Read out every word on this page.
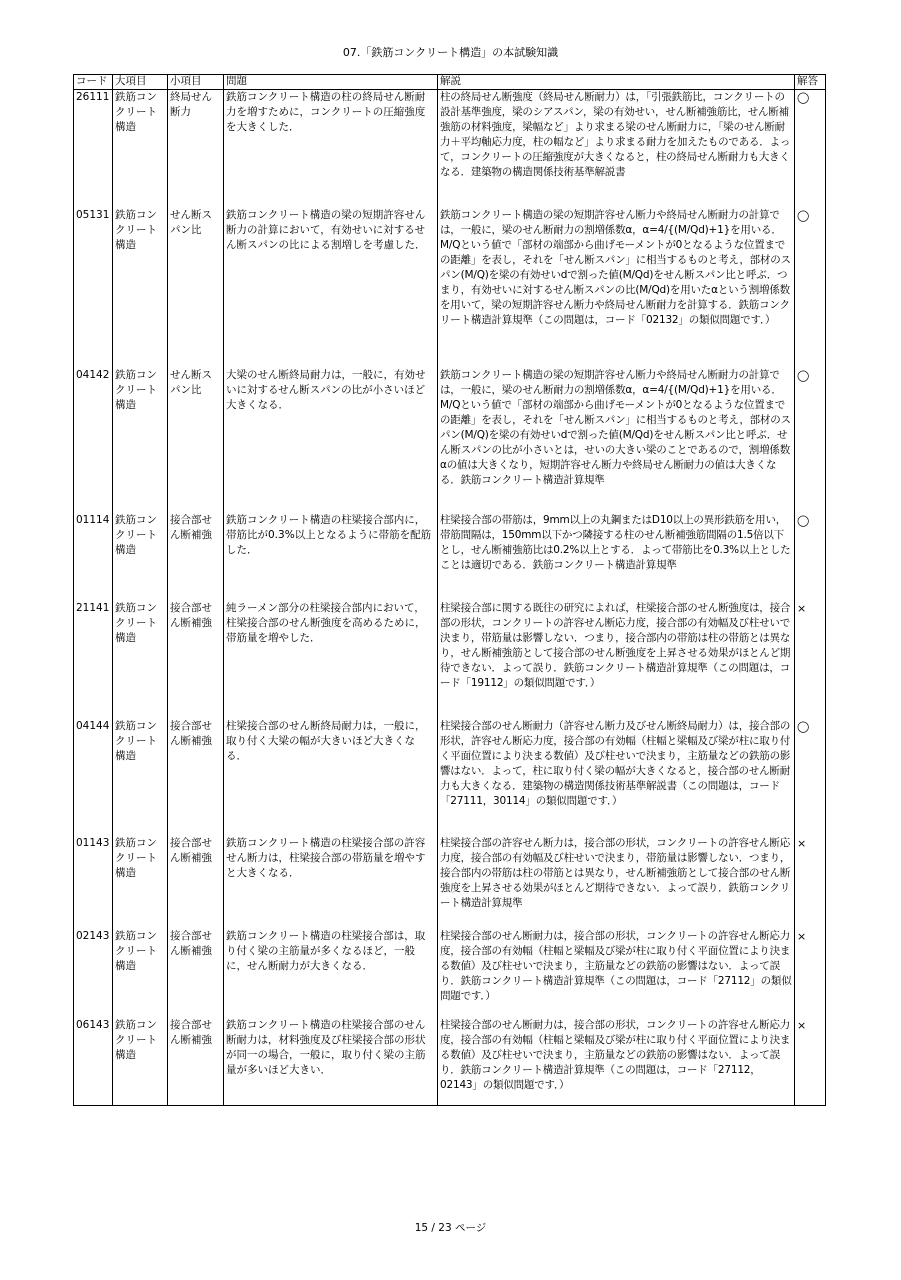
07.「鉄筋コンクリート構造」の本試験知識
コード	大項目	小項目	問題	解説	解答
26111	鉄筋コンクリート構造	終局せん断力	鉄筋コンクリート構造の柱の終局せん断耐力を増すために，コンクリートの圧縮強度を大きくした．	柱の終局せん断強度（終局せん断耐力）は，「引張鉄筋比，コンクリートの設計基準強度，梁のシアスパン，梁の有効せい，せん断補強筋比，せん断補強筋の材料強度，梁幅など」より求まる梁のせん断耐力に，「梁のせん断耐力＋平均軸応力度，柱の幅など」より求まる耐力を加えたものである．よって，コンクリートの圧縮強度が大きくなると，柱の終局せん断耐力も大きくなる．建築物の構造関係技術基準解説書	◯
05131	鉄筋コンクリート構造	せん断スパン比	鉄筋コンクリート構造の梁の短期許容せん断力の計算において，有効せいに対するせん断スパンの比による割増しを考慮した．	鉄筋コンクリート構造の梁の短期許容せん断力や終局せん断耐力の計算では，一般に，梁のせん断耐力の割増係数α，α=4/{(M/Qd)+1}を用いる．M/Qという値で「部材の端部から曲げモーメントが0となるような位置までの距離」を表し，それを「せん断スパン」に相当するものと考え，部材のスパン(M/Q)を梁の有効せいdで割った値(M/Qd)をせん断スパン比と呼ぶ．つまり，有効せいに対するせん断スパンの比(M/Qd)を用いたαという割増係数を用いて，梁の短期許容せん断力や終局せん断耐力を計算する．鉄筋コンクリート構造計算規準（この問題は，コード「02132」の類似問題です．）	◯
04142	鉄筋コンクリート構造	せん断スパン比	大梁のせん断終局耐力は，一般に，有効せいに対するせん断スパンの比が小さいほど大きくなる．	鉄筋コンクリート構造の梁の短期許容せん断力や終局せん断耐力の計算では，一般に，梁のせん断耐力の割増係数α，α=4/{(M/Qd)+1}を用いる．M/Qという値で「部材の端部から曲げモーメントが0となるような位置までの距離」を表し，それを「せん断スパン」に相当するものと考え，部材のスパン(M/Q)を梁の有効せいdで割った値(M/Qd)をせん断スパン比と呼ぶ．せん断スパンの比が小さいとは，せいの大きい梁のことであるので，割増係数αの値は大きくなり，短期許容せん断力や終局せん断耐力の値は大きくなる．鉄筋コンクリート構造計算規準	◯
01114	鉄筋コンクリート構造	接合部せん断補強	鉄筋コンクリート構造の柱梁接合部内に，帯筋比が0.3%以上となるように帯筋を配筋した．	柱梁接合部の帯筋は，9mm以上の丸鋼またはD10以上の異形鉄筋を用い，帯筋間隔は，150mm以下かつ隣接する柱のせん断補強筋間隔の1.5倍以下とし，せん断補強筋比は0.2%以上とする．よって帯筋比を0.3%以上としたことは適切である．鉄筋コンクリート構造計算規準	◯
21141	鉄筋コンクリート構造	接合部せん断補強	純ラーメン部分の柱梁接合部内において，柱梁接合部のせん断強度を高めるために，帯筋量を増やした．	柱梁接合部に関する既往の研究によれば，柱梁接合部のせん断強度は，接合部の形状，コンクリートの許容せん断応力度，接合部の有効幅及び柱せいで決まり，帯筋量は影響しない．つまり，接合部内の帯筋は柱の帯筋とは異なり，せん断補強筋として接合部のせん断強度を上昇させる効果がほとんど期待できない．よって誤り．鉄筋コンクリート構造計算規準（この問題は，コード「19112」の類似問題です．）	×
04144	鉄筋コンクリート構造	接合部せん断補強	柱梁接合部のせん断終局耐力は，一般に，取り付く大梁の幅が大きいほど大きくなる．	柱梁接合部のせん断耐力（許容せん断力及びせん断終局耐力）は，接合部の形状，許容せん断応力度，接合部の有効幅（柱幅と梁幅及び梁が柱に取り付く平面位置により決まる数値）及び柱せいで決まり，主筋量などの鉄筋の影響はない．よって，柱に取り付く梁の幅が大きくなると，接合部のせん断耐力も大きくなる．建築物の構造関係技術基準解説書（この問題は，コード「27111，30114」の類似問題です．）	◯
01143	鉄筋コンクリート構造	接合部せん断補強	鉄筋コンクリート構造の柱梁接合部の許容せん断力は，柱梁接合部の帯筋量を増やすと大きくなる．	柱梁接合部の許容せん断力は，接合部の形状，コンクリートの許容せん断応力度，接合部の有効幅及び柱せいで決まり，帯筋量は影響しない．つまり，接合部内の帯筋は柱の帯筋とは異なり，せん断補強筋として接合部のせん断強度を上昇させる効果がほとんど期待できない．よって誤り．鉄筋コンクリート構造計算規準	×
02143	鉄筋コンクリート構造	接合部せん断補強	鉄筋コンクリート構造の柱梁接合部は，取り付く梁の主筋量が多くなるほど，一般に，せん断耐力が大きくなる．	柱梁接合部のせん断耐力は，接合部の形状，コンクリートの許容せん断応力度，接合部の有効幅（柱幅と梁幅及び梁が柱に取り付く平面位置により決まる数値）及び柱せいで決まり，主筋量などの鉄筋の影響はない．よって誤り．鉄筋コンクリート構造計算規準（この問題は，コード「27112」の類似問題です．）	×
06143	鉄筋コンクリート構造	接合部せん断補強	鉄筋コンクリート構造の柱梁接合部のせん断耐力は，材料強度及び柱梁接合部の形状が同一の場合，一般に，取り付く梁の主筋量が多いほど大きい．	柱梁接合部のせん断耐力は，接合部の形状，コンクリートの許容せん断応力度，接合部の有効幅（柱幅と梁幅及び梁が柱に取り付く平面位置により決まる数値）及び柱せいで決まり，主筋量などの鉄筋の影響はない．よって誤り．鉄筋コンクリート構造計算規準（この問題は，コード「27112，02143」の類似問題です．）	×
15 / 23 ページ
